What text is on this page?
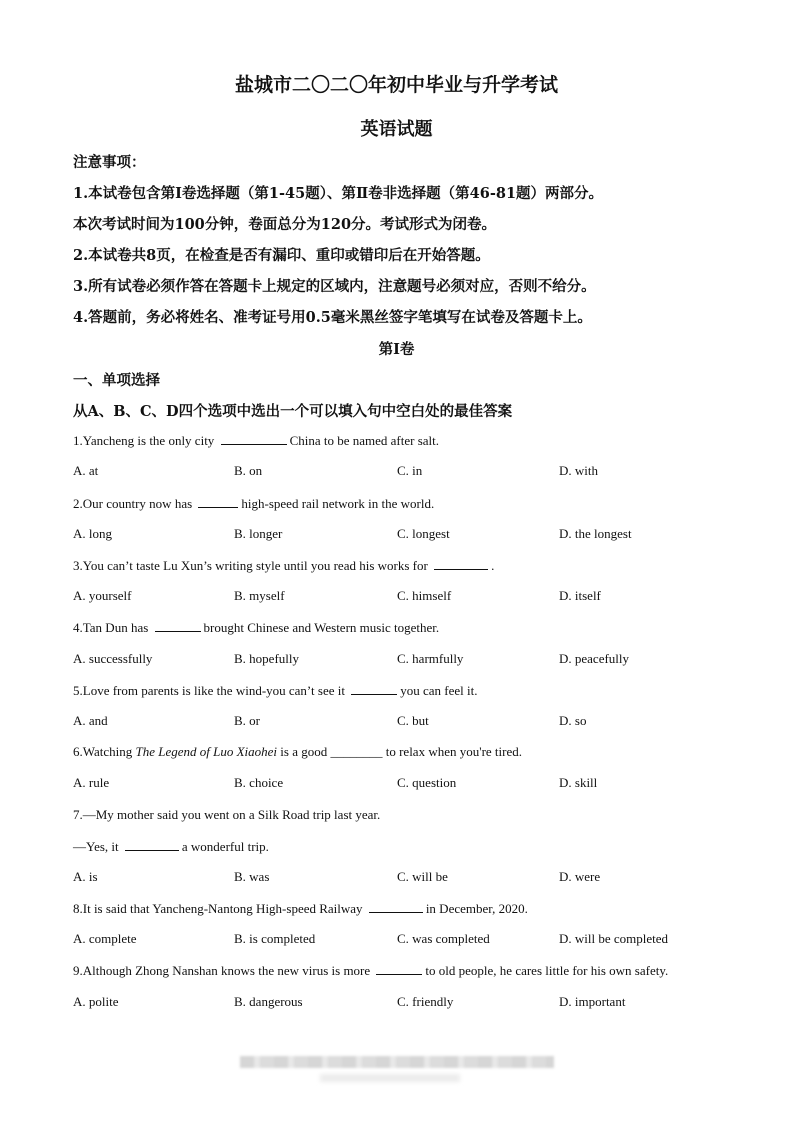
盐城市二〇二〇年初中毕业与升学考试
英语试题
注意事项：
1.本试卷包含第Ⅰ卷选择题（第1-45题）、第Ⅱ卷非选择题（第46-81题）两部分。
本次考试时间为100分钟，卷面总分为120分。考试形式为闭卷。
2.本试卷共8页，在检查是否有漏印、重印或错印后在开始答题。
3.所有试卷必须作答在答题卡上规定的区域内，注意题号必须对应，否则不给分。
4.答题前，务必将姓名、准考证号用0.5毫米黑丝签字笔填写在试卷及答题卡上。
第Ⅰ卷
一、单项选择
从A、B、C、D四个选项中选出一个可以填入句中空白处的最佳答案
1.Yancheng is the only city	China to be named after salt.
A. at	B. on	C. in	D. with
2.Our country now has	high-speed rail network in the world.
A. long	B. longer	C. longest	D. the longest
3.You can’t taste Lu Xun’s writing style until you read his works for	.
A. yourself	B. myself	C. himself	D. itself
4.Tan Dun has	brought Chinese and Western music together.
A. successfully	B. hopefully	C. harmfully	D. peacefully
5.Love from parents is like the wind-you can’t see it	you can feel it.
A. and	B. or	C. but	D. so
6.Watching The Legend of Luo Xiaohei is a good ________ to relax when you're tired.
A. rule	B. choice	C. question	D. skill
7.—My mother said you went on a Silk Road trip last year.
—Yes, it	a wonderful trip.
A. is	B. was	C. will be	D. were
8.It is said that Yancheng-Nantong High-speed Railway	in December, 2020.
A. complete	B. is completed	C. was completed	D. will be completed
9.Although Zhong Nanshan knows the new virus is more	to old people, he cares little for his own safety.
A. polite	B. dangerous	C. friendly	D. important
